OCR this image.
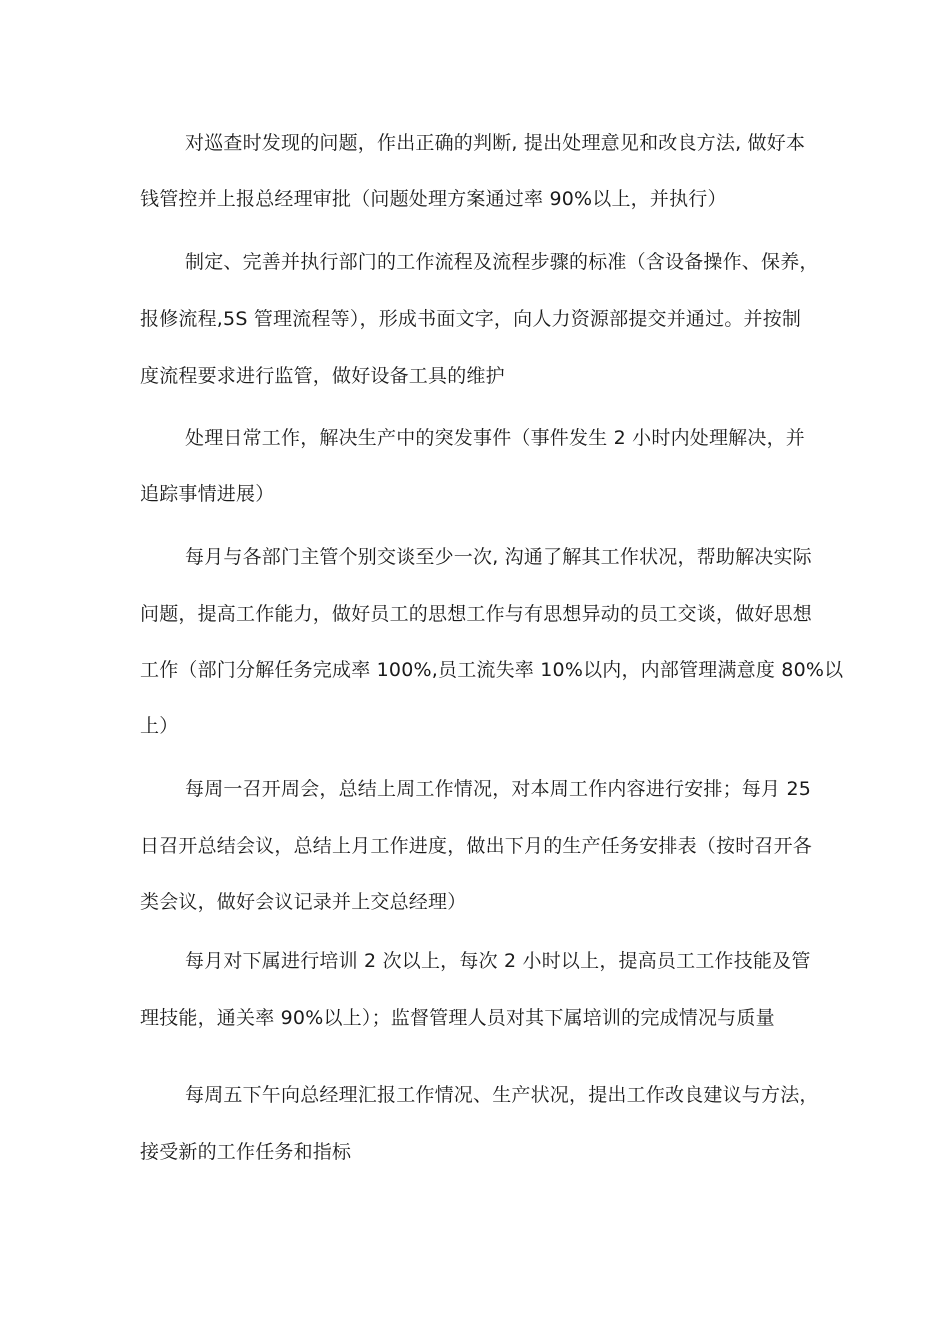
对巡查时发现的问题，作出正确的判断, 提出处理意见和改良方法, 做好本
钱管控并上报总经理审批（问题处理方案通过率 90%以上，并执行）
制定、完善并执行部门的工作流程及流程步骤的标准（含设备操作、保养，
报修流程,5S 管理流程等），形成书面文字，向人力资源部提交并通过。并按制
度流程要求进行监管，做好设备工具的维护
处理日常工作，解决生产中的突发事件（事件发生 2 小时内处理解决，并
追踪事情进展）
每月与各部门主管个别交谈至少一次, 沟通了解其工作状况，帮助解决实际
问题，提高工作能力，做好员工的思想工作与有思想异动的员工交谈，做好思想
工作（部门分解任务完成率 100%,员工流失率 10%以内，内部管理满意度 80%以
上）
每周一召开周会，总结上周工作情况，对本周工作内容进行安排；每月 25
日召开总结会议，总结上月工作进度，做出下月的生产任务安排表（按时召开各
类会议，做好会议记录并上交总经理）
每月对下属进行培训 2 次以上，每次 2 小时以上，提高员工工作技能及管
理技能，通关率 90%以上）；监督管理人员对其下属培训的完成情况与质量
每周五下午向总经理汇报工作情况、生产状况，提出工作改良建议与方法，
接受新的工作任务和指标
